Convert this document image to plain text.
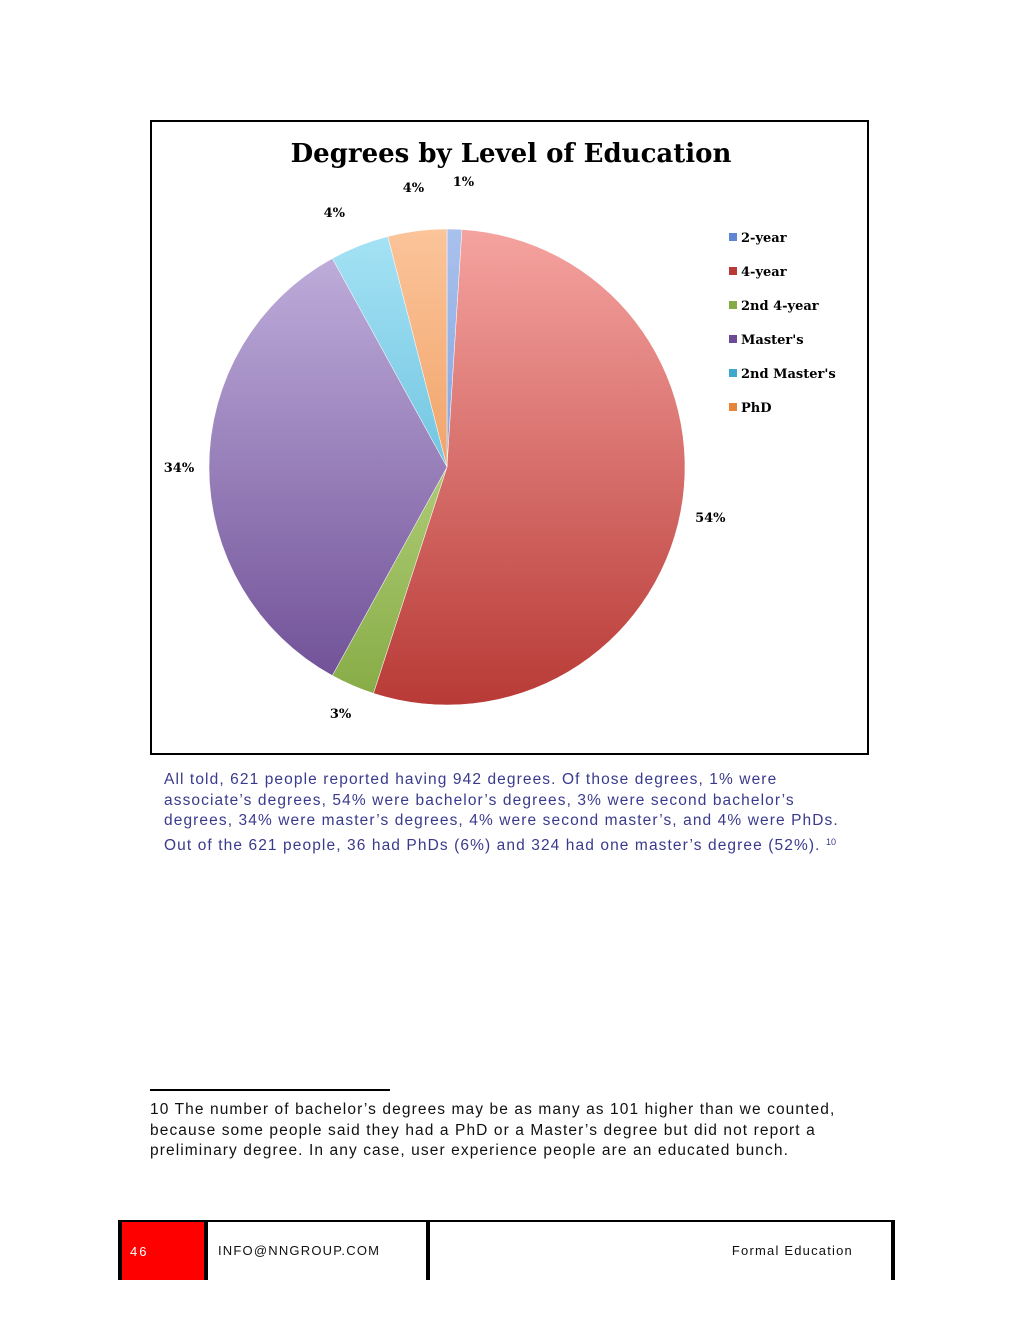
Degrees by Level of Education
1%
54%
3%
34%
4%
4%
2-year
4-year
2nd 4-year
Master's
2nd Master's
PhD

All told, 621 people reported having 942 degrees. Of those degrees, 1% were associate’s degrees, 54% were bachelor’s degrees, 3% were second bachelor’s degrees, 34% were master’s degrees, 4% were second master’s, and 4% were PhDs. Out of the 621 people, 36 had PhDs (6%) and 324 had one master’s degree (52%). $^{10}$

10 The number of bachelor’s degrees may be as many as 101 higher than we counted, because some people said they had a PhD or a Master’s degree but did not report a preliminary degree. In any case, user experience people are an educated bunch.

46	INFO@NNGROUP.COM	Formal Education
